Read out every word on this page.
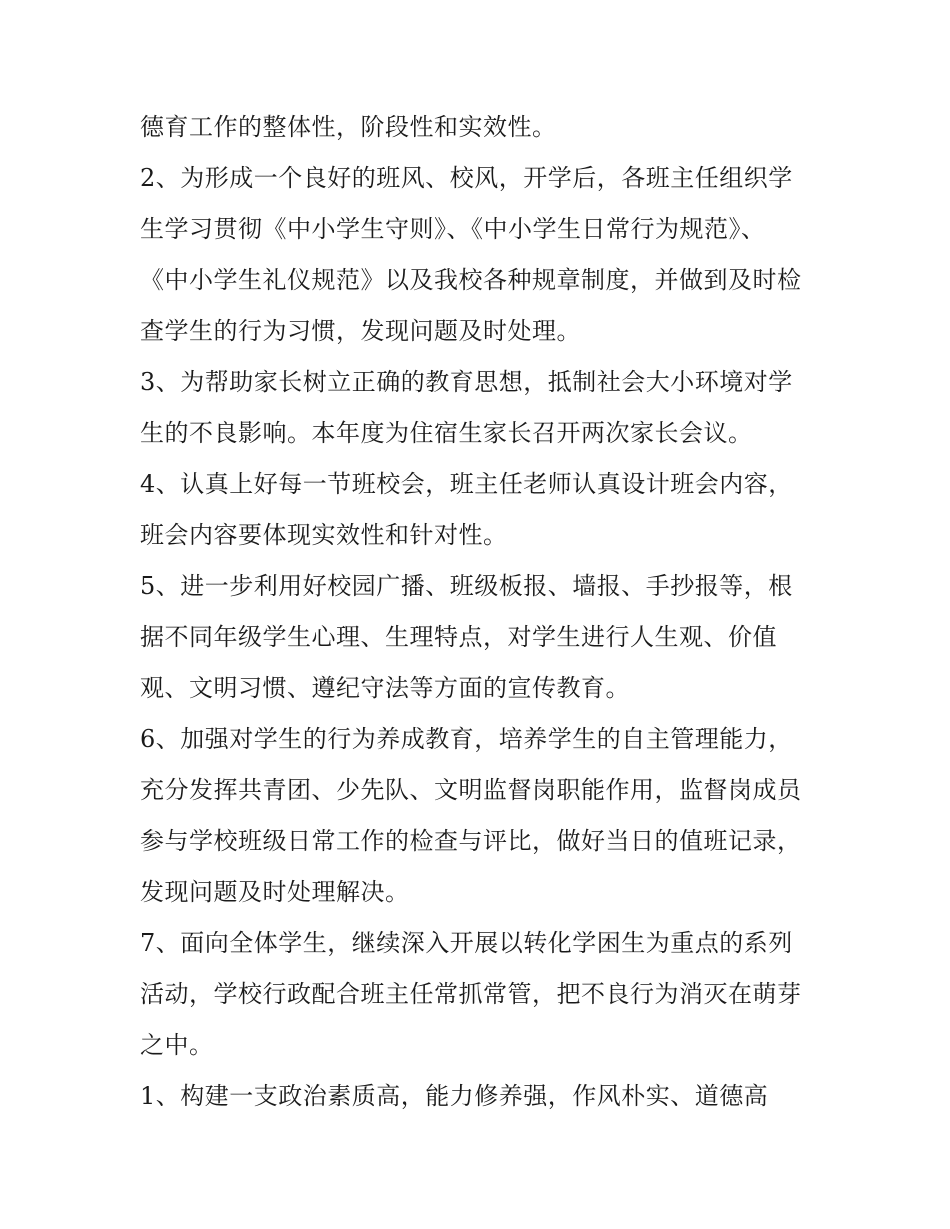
德育工作的整体性，阶段性和实效性。
2、为形成一个良好的班风、校风，开学后，各班主任组织学
生学习贯彻《中小学生守则》、《中小学生日常行为规范》、
《中小学生礼仪规范》以及我校各种规章制度，并做到及时检
查学生的行为习惯，发现问题及时处理。
3、为帮助家长树立正确的教育思想，抵制社会大小环境对学
生的不良影响。本年度为住宿生家长召开两次家长会议。
4、认真上好每一节班校会，班主任老师认真设计班会内容，
班会内容要体现实效性和针对性。
5、进一步利用好校园广播、班级板报、墙报、手抄报等，根
据不同年级学生心理、生理特点，对学生进行人生观、价值
观、文明习惯、遵纪守法等方面的宣传教育。
6、加强对学生的行为养成教育，培养学生的自主管理能力，
充分发挥共青团、少先队、文明监督岗职能作用，监督岗成员
参与学校班级日常工作的检查与评比，做好当日的值班记录，
发现问题及时处理解决。
7、面向全体学生，继续深入开展以转化学困生为重点的系列
活动，学校行政配合班主任常抓常管，把不良行为消灭在萌芽
之中。
1、构建一支政治素质高，能力修养强，作风朴实、道德高
